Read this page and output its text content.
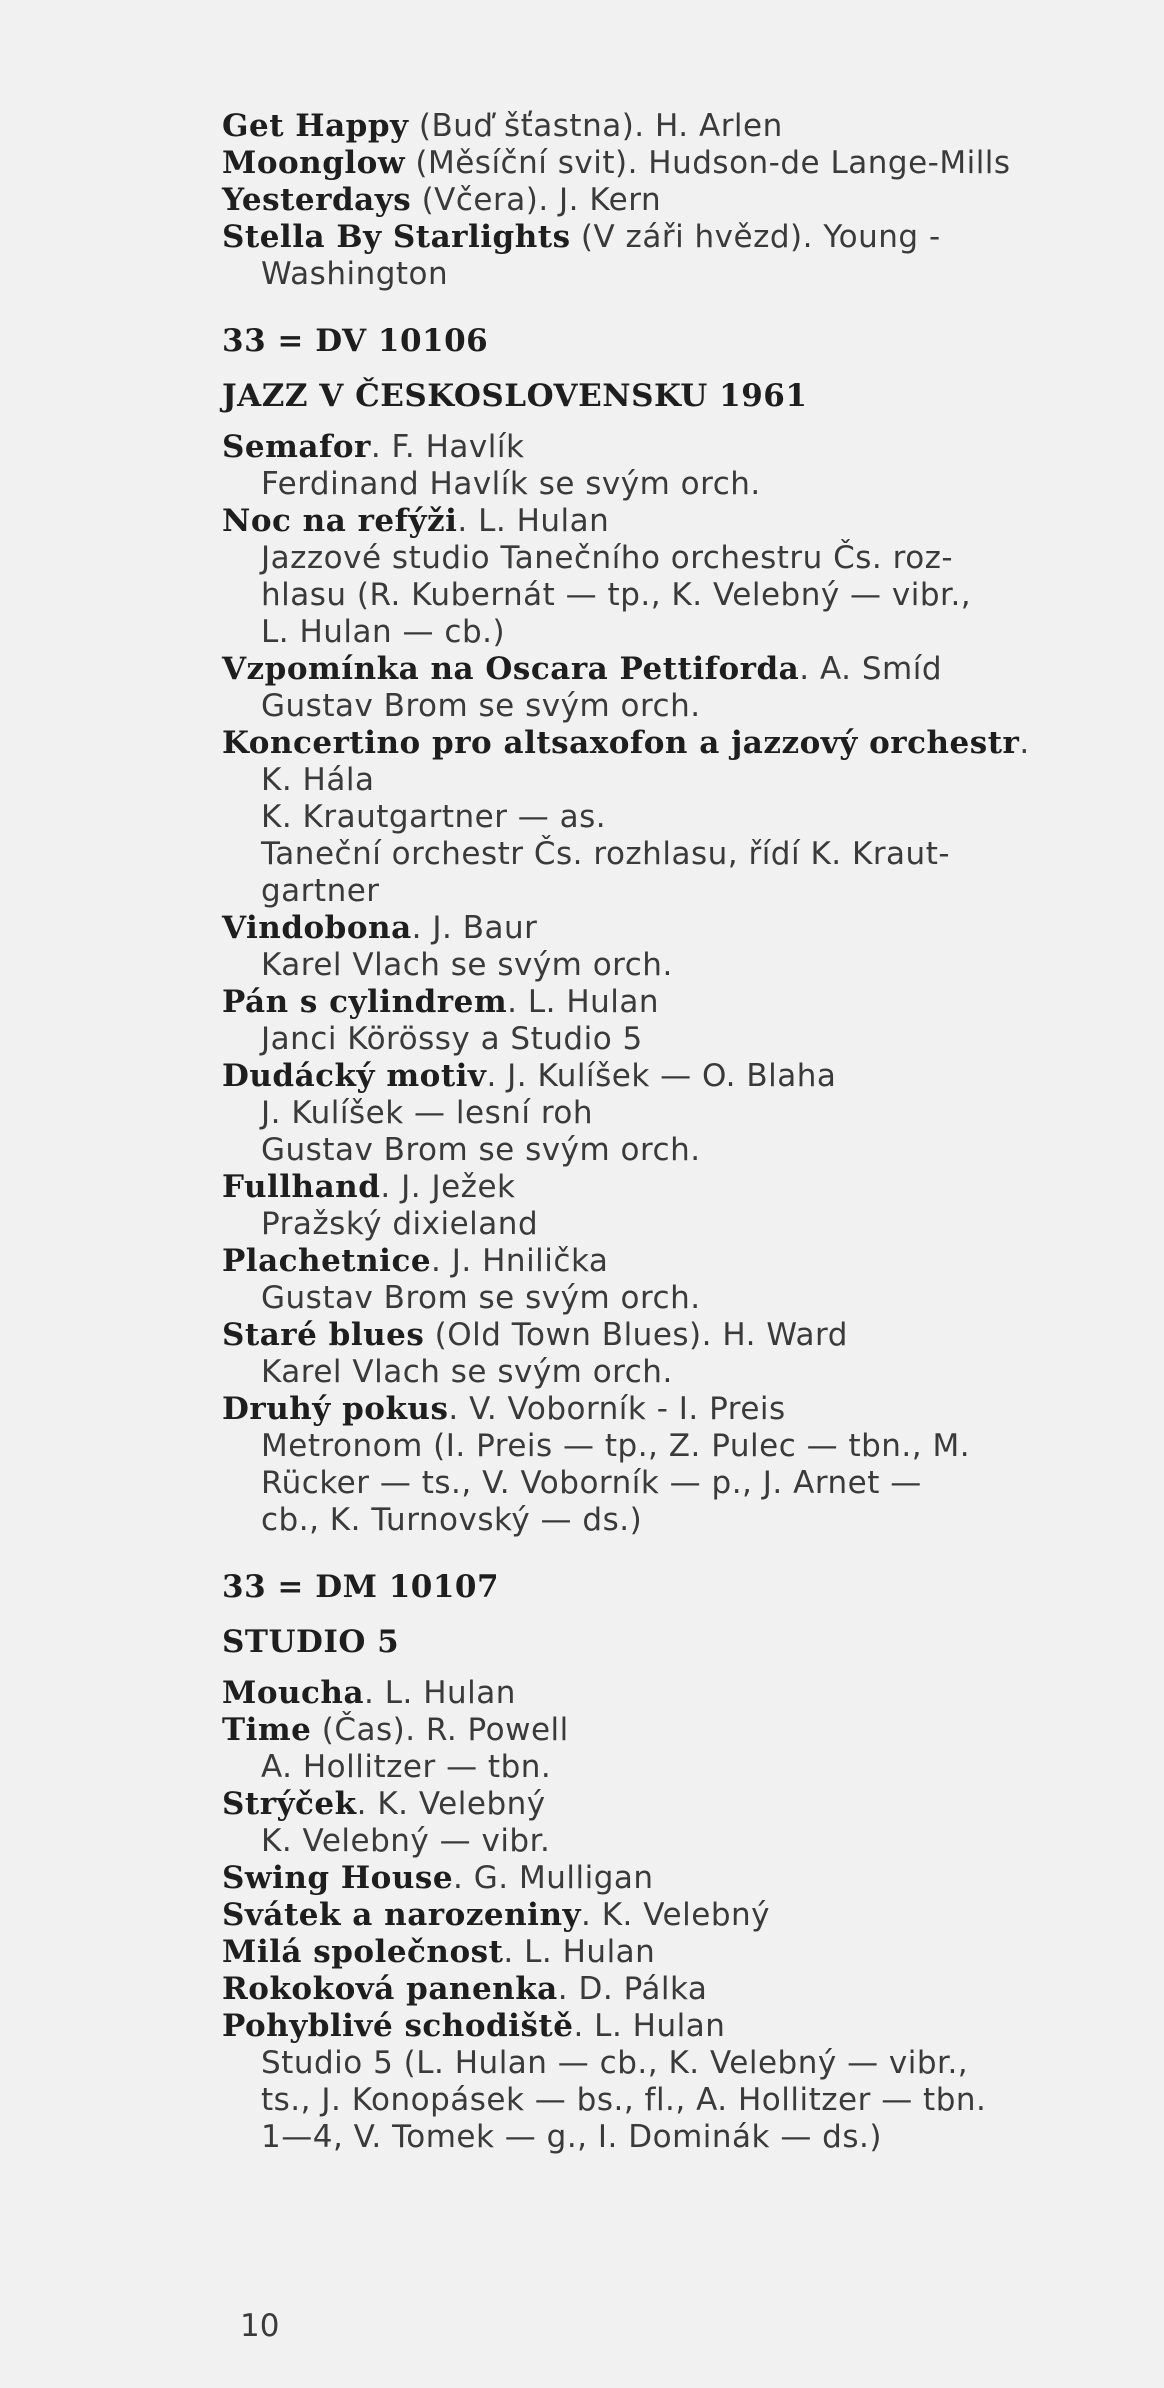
Get Happy (Buď šťastna). H. Arlen
Moonglow (Měsíční svit). Hudson-de Lange-Mills
Yesterdays (Včera). J. Kern
Stella By Starlights (V záři hvězd). Young -
Washington
33 = DV 10106
JAZZ V ČESKOSLOVENSKU 1961
Semafor. F. Havlík
Ferdinand Havlík se svým orch.
Noc na refýži. L. Hulan
Jazzové studio Tanečního orchestru Čs. roz-
hlasu (R. Kubernát — tp., K. Velebný — vibr.,
L. Hulan — cb.)
Vzpomínka na Oscara Pettiforda. A. Smíd
Gustav Brom se svým orch.
Koncertino pro altsaxofon a jazzový orchestr.
K. Hála
K. Krautgartner — as.
Taneční orchestr Čs. rozhlasu, řídí K. Kraut-
gartner
Vindobona. J. Baur
Karel Vlach se svým orch.
Pán s cylindrem. L. Hulan
Janci Körössy a Studio 5
Dudácký motiv. J. Kulíšek — O. Blaha
J. Kulíšek — lesní roh
Gustav Brom se svým orch.
Fullhand. J. Ježek
Pražský dixieland
Plachetnice. J. Hnilička
Gustav Brom se svým orch.
Staré blues (Old Town Blues). H. Ward
Karel Vlach se svým orch.
Druhý pokus. V. Voborník - I. Preis
Metronom (I. Preis — tp., Z. Pulec — tbn., M.
Rücker — ts., V. Voborník — p., J. Arnet —
cb., K. Turnovský — ds.)
33 = DM 10107
STUDIO 5
Moucha. L. Hulan
Time (Čas). R. Powell
A. Hollitzer — tbn.
Strýček. K. Velebný
K. Velebný — vibr.
Swing House. G. Mulligan
Svátek a narozeniny. K. Velebný
Milá společnost. L. Hulan
Rokoková panenka. D. Pálka
Pohyblivé schodiště. L. Hulan
Studio 5 (L. Hulan — cb., K. Velebný — vibr.,
ts., J. Konopásek — bs., fl., A. Hollitzer — tbn.
1—4, V. Tomek — g., I. Dominák — ds.)
10
